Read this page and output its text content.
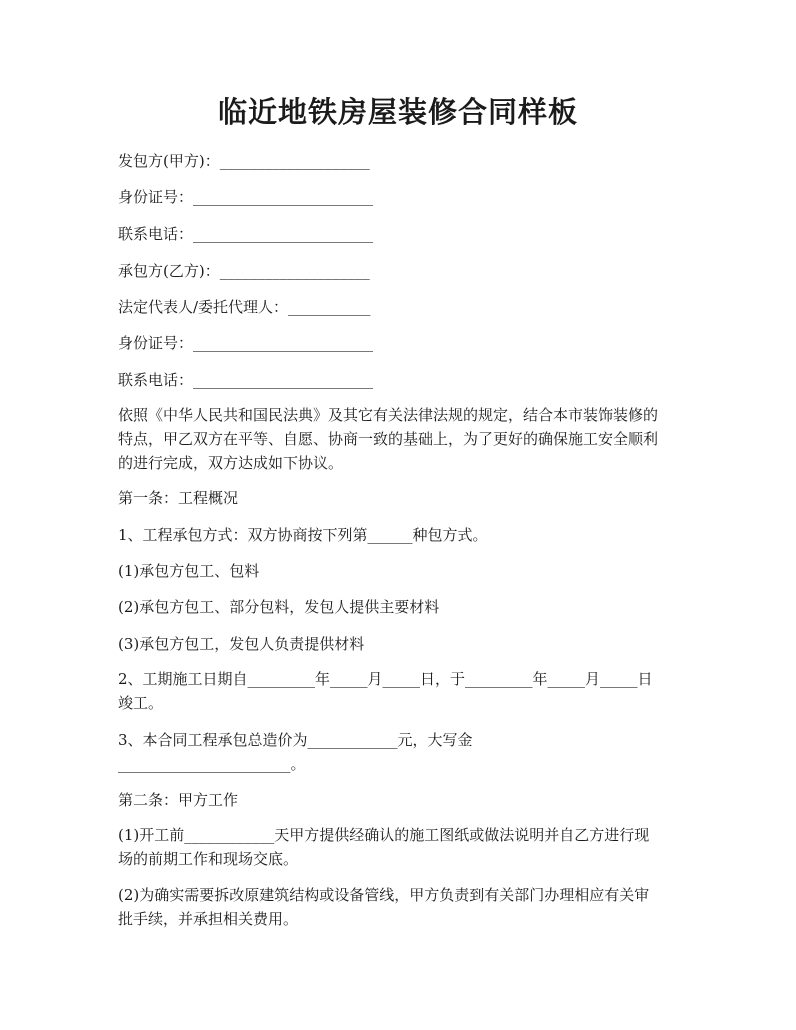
临近地铁房屋装修合同样板
发包方(甲方)：____________________
身份证号：________________________
联系电话：________________________
承包方(乙方)：____________________
法定代表人/委托代理人：___________
身份证号：________________________
联系电话：________________________
依照《中华人民共和国民法典》及其它有关法律法规的规定，结合本市装饰装修的
特点，甲乙双方在平等、自愿、协商一致的基础上，为了更好的确保施工安全顺利
的进行完成，双方达成如下协议。
第一条：工程概况
1、工程承包方式：双方协商按下列第______种包方式。
(1)承包方包工、包料
(2)承包方包工、部分包料，发包人提供主要材料
(3)承包方包工，发包人负责提供材料
2、工期施工日期自_________年_____月_____日，于_________年_____月_____日
竣工。
3、本合同工程承包总造价为____________元，大写金
_______________________。
第二条：甲方工作
(1)开工前____________天甲方提供经确认的施工图纸或做法说明并自乙方进行现
场的前期工作和现场交底。
(2)为确实需要拆改原建筑结构或设备管线，甲方负责到有关部门办理相应有关审
批手续，并承担相关费用。
